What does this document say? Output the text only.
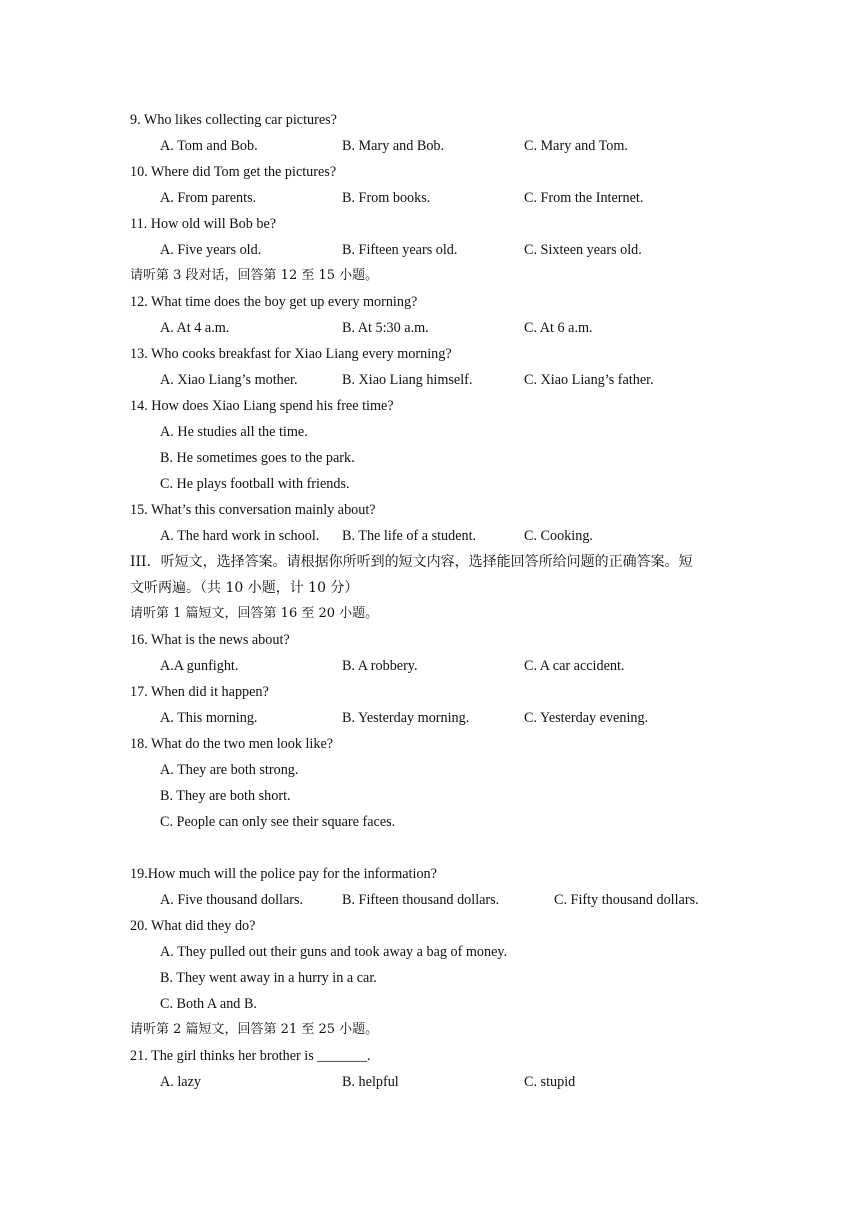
9. Who likes collecting car pictures?
A. Tom and Bob.	B. Mary and Bob.	C. Mary and Tom.
10. Where did Tom get the pictures?
A. From parents.	B. From books.	C. From the Internet.
11. How old will Bob be?
A. Five years old.	B. Fifteen years old.	C. Sixteen years old.
请听第 3 段对话，回答第 12 至 15 小题。
12. What time does the boy get up every morning?
A. At 4 a.m.	B. At 5:30 a.m.	C. At 6 a.m.
13. Who cooks breakfast for Xiao Liang every morning?
A. Xiao Liang’s mother.	B. Xiao Liang himself.	C. Xiao Liang’s father.
14. How does Xiao Liang spend his free time?
A. He studies all the time.
B. He sometimes goes to the park.
C. He plays football with friends.
15. What’s this conversation mainly about?
A. The hard work in school. B. The life of a student.	C. Cooking.
III．听短文，选择答案。请根据你所听到的短文内容，选择能回答所给问题的正确答案。短
文听两遍。（共 10 小题，计 10 分）
请听第 1 篇短文，回答第 16 至 20 小题。
16. What is the news about?
A.A gunfight.	B. A robbery.	C. A car accident.
17. When did it happen?
A. This morning.	B. Yesterday morning.	C. Yesterday evening.
18. What do the two men look like?
A. They are both strong.
B. They are both short.
C. People can only see their square faces.
19.How much will the police pay for the information?
A. Five thousand dollars.	B. Fifteen thousand dollars.	C. Fifty thousand dollars.
20. What did they do?
A. They pulled out their guns and took away a bag of money.
B. They went away in a hurry in a car.
C. Both A and B.
请听第 2 篇短文，回答第 21 至 25 小题。
21. The girl thinks her brother is _______.
A. lazy	B. helpful	C. stupid
